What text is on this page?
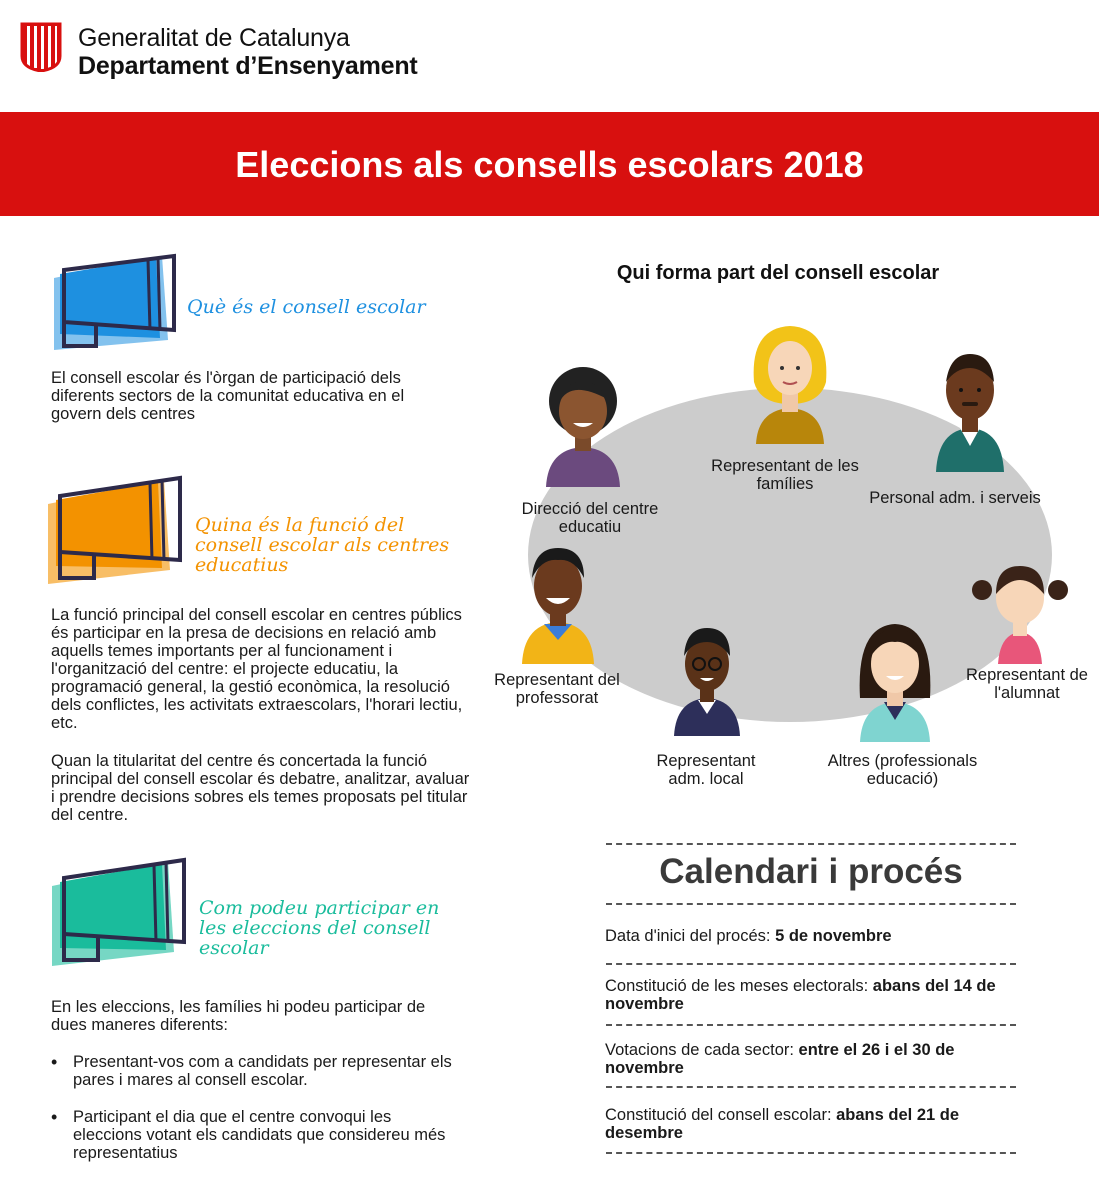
Generalitat de Catalunya
Departament d’Ensenyament
Eleccions als consells escolars 2018
Què és el consell escolar
El consell escolar és l'òrgan de participació dels diferents sectors de la comunitat educativa en el govern dels centres
Quina és la funció del consell escolar als centres educatius
La funció principal del consell escolar en centres públics és participar en la presa de decisions en relació amb aquells temes importants per al funcionament i l'organització del centre: el projecte educatiu, la programació general, la gestió econòmica, la resolució dels conflictes, les activitats extraescolars, l'horari lectiu, etc.
Quan la titularitat del centre és concertada la funció principal del consell escolar és debatre, analitzar, avaluar i prendre decisions sobres els temes proposats pel titular del centre.
Com podeu participar en les eleccions del consell escolar
En les eleccions, les famílies hi podeu participar de dues maneres diferents:
• Presentant-vos com a candidats per representar els pares i mares al consell escolar.
• Participant el dia que el centre convoqui les eleccions votant els candidats que considereu més representatius
Qui forma part del consell escolar
Direcció del centre educatiu
Representant de les famílies
Personal adm. i serveis
Representant del professorat
Representant adm. local
Altres (professionals educació)
Representant de l'alumnat
Calendari i procés
Data d'inici del procés: 5 de novembre
Constitució de les meses electorals: abans del 14 de novembre
Votacions de cada sector: entre el 26 i el 30 de novembre
Constitució del consell escolar: abans del 21 de desembre
